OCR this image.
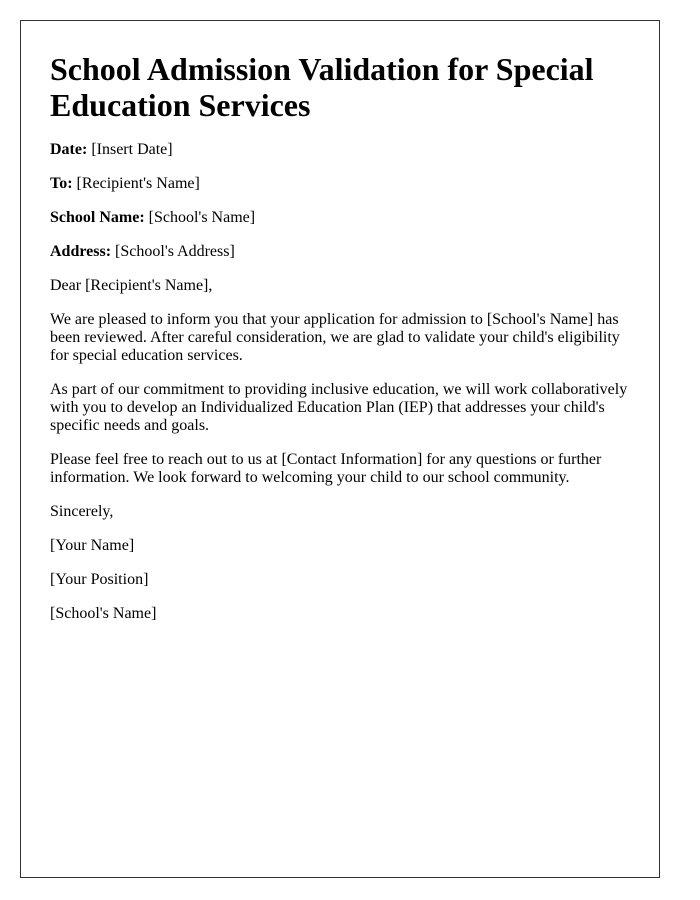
School Admission Validation for Special Education Services

Date: [Insert Date]

To: [Recipient's Name]

School Name: [School's Name]

Address: [School's Address]

Dear [Recipient's Name],

We are pleased to inform you that your application for admission to [School's Name] has been reviewed. After careful consideration, we are glad to validate your child's eligibility for special education services.

As part of our commitment to providing inclusive education, we will work collaboratively with you to develop an Individualized Education Plan (IEP) that addresses your child's specific needs and goals.

Please feel free to reach out to us at [Contact Information] for any questions or further information. We look forward to welcoming your child to our school community.

Sincerely,

[Your Name]

[Your Position]

[School's Name]
